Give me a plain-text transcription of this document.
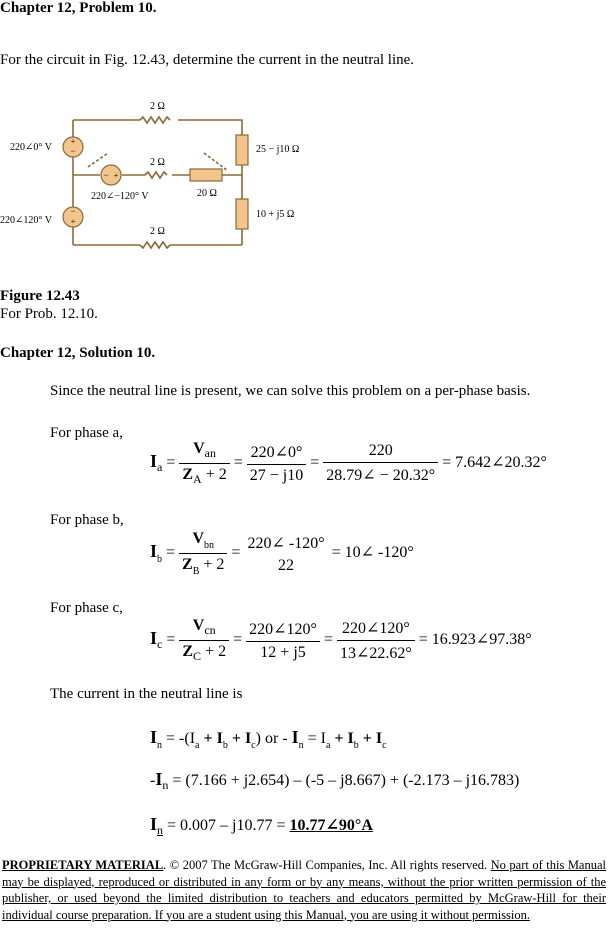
Chapter 12, Problem 10.
For the circuit in Fig. 12.43, determine the current in the neutral line.
+
−
− +
−
+
2 Ω
2 Ω
2 Ω
20 Ω
25 − j10 Ω
10 + j5 Ω
220∠0° V
220∠−120° V
220∠120° V
Figure 12.43
For Prob. 12.10.
Chapter 12, Solution 10.
Since the neutral line is present, we can solve this problem on a per-phase basis.
For phase a,
$I_a = \frac{V_{an}}{Z_A + 2} = \frac{220\angle 0^\circ}{27 - j10} = \frac{220}{28.79\angle - 20.32^\circ}$ = 7.642∠20.32°
For phase b,
$I_b = \frac{V_{bn}}{Z_B + 2}$ =
220∠ -120°
22
= 10∠ -120°
For phase c,
$I_c = \frac{V_{cn}}{Z_C + 2} = \frac{220\angle 120^\circ}{12 + j5} = \frac{220\angle 120^\circ}{13\angle 22.62^\circ}$ = 16.923∠97.38°
The current in the neutral line is
$I_n = -(I_a + I_b + I_c)$ or - $I_n = I_a + I_b + I_c$
$-I_n = (7.166 + j2.654) - (-5 - j8.667) + (-2.173 - j16.783)$
$I_n = 0.007 - j10.77$ = 10.77∠90°A
PROPRIETARY MATERIAL. © 2007 The McGraw-Hill Companies, Inc. All rights reserved. No part of this Manual may be displayed, reproduced or distributed in any form or by any means, without the prior written permission of the publisher, or used beyond the limited distribution to teachers and educators permitted by McGraw-Hill for their individual course preparation. If you are a student using this Manual, you are using it without permission.
